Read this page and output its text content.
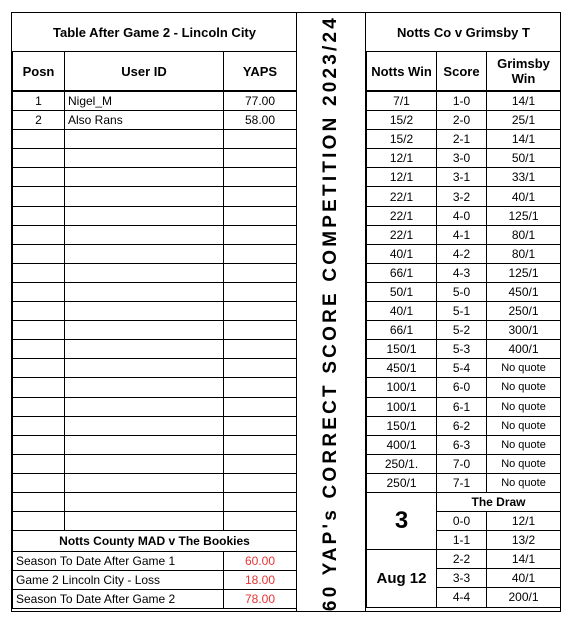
Table After Game 2 - Lincoln City		
Posn	User ID	YAPS
1	Nigel_M	77.00
2	Also Rans	58.00

Notts County MAD v The Bookies		
Season To Date After Game 1		60.00
Game 2 Lincoln City - Loss		18.00
Season To Date After Game 2		78.00 60 YAP's CORRECT SCORE COMPETITION 2023/24	Notts Co v Grimsby T		
Notts Win	Score	Grimsby Win
7/1	1-0	14/1
15/2	2-0	25/1
15/2	2-1	14/1
12/1	3-0	50/1
12/1	3-1	33/1
22/1	3-2	40/1
22/1	4-0	125/1
22/1	4-1	80/1
40/1	4-2	80/1
66/1	4-3	125/1
50/1	5-0	450/1
40/1	5-1	250/1
66/1	5-2	300/1
150/1	5-3	400/1
450/1	5-4	No quote
100/1	6-0	No quote
100/1	6-1	No quote
150/1	6-2	No quote
400/1	6-3	No quote
250/1.	7-0	No quote
250/1	7-1	No quote
3	The Draw	
	0-0	12/1
	1-1	13/2
Aug 12	2-2	14/1
	3-3	40/1
	4-4	200/1
